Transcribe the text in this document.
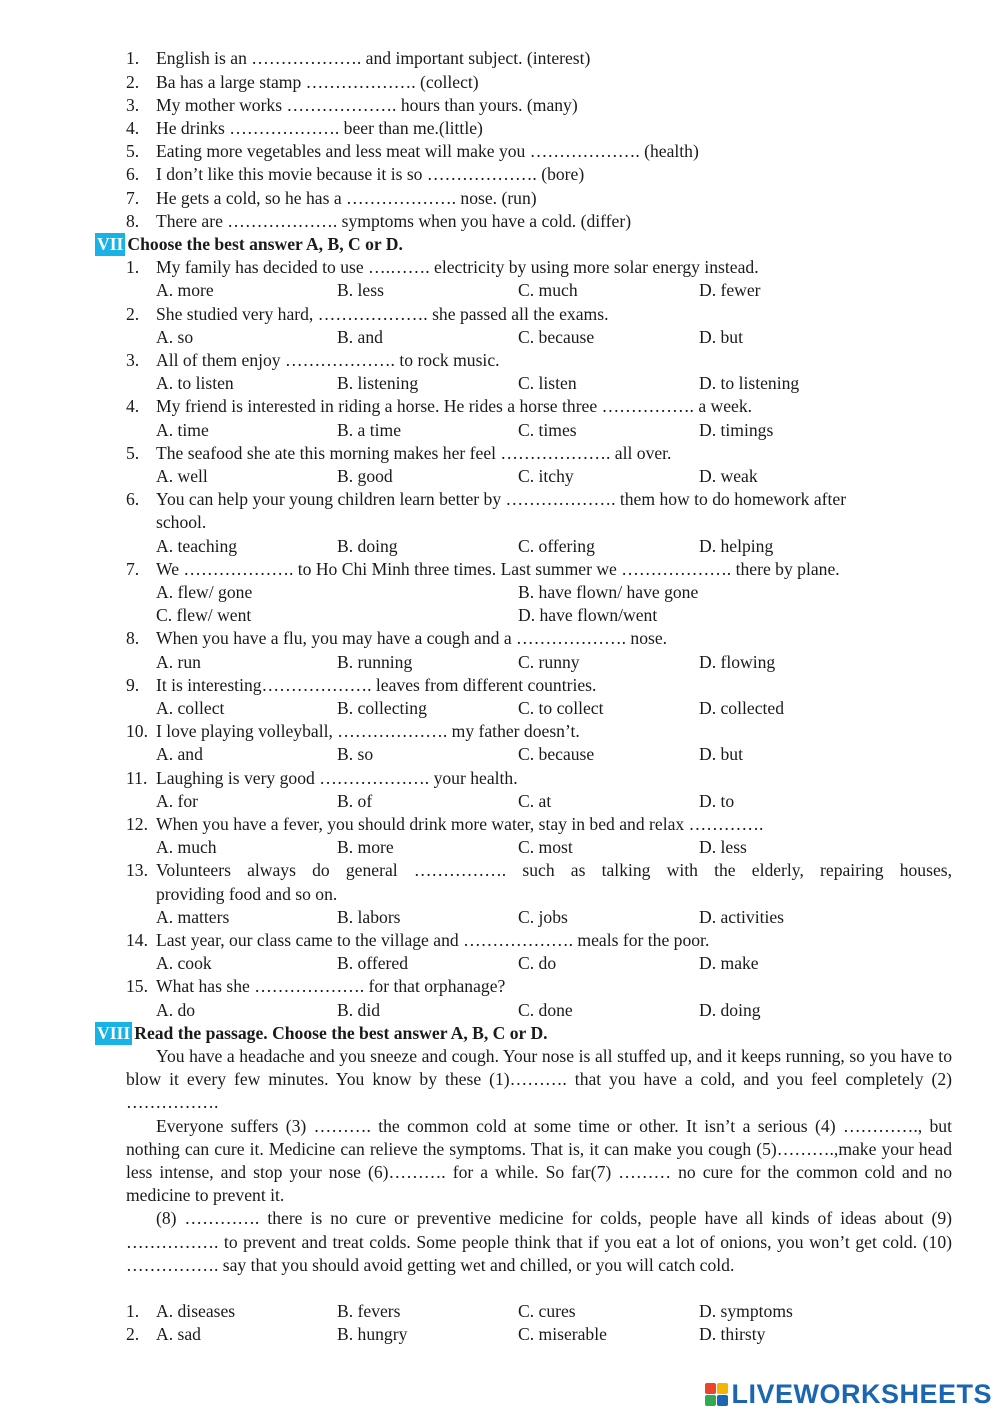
1. English is an ………………. and important subject. (interest)
2. Ba has a large stamp ………………. (collect)
3. My mother works ………………. hours than yours. (many)
4. He drinks ………………. beer than me.(little)
5. Eating more vegetables and less meat will make you ………………. (health)
6. I don’t like this movie because it is so ………………. (bore)
7. He gets a cold, so he has a ………………. nose. (run)
8. There are ………………. symptoms when you have a cold. (differ)
VII Choose the best answer A, B, C or D.
1. My family has decided to use ….……. electricity by using more solar energy instead.
A. more	B. less	C. much	D. fewer
2. She studied very hard, ………………. she passed all the exams.
A. so	B. and	C. because	D. but
3. All of them enjoy ………………. to rock music.
A. to listen	B. listening	C. listen	D. to listening
4. My friend is interested in riding a horse. He rides a horse three ……………. a week.
A. time	B. a time	C. times	D. timings
5. The seafood she ate this morning makes her feel ………………. all over.
A. well	B. good	C. itchy	D. weak
6. You can help your young children learn better by ………………. them how to do homework after
school.
A. teaching	B. doing	C. offering	D. helping
7. We ………………. to Ho Chi Minh three times. Last summer we ………………. there by plane.
A. flew/ gone	B. have flown/ have gone
C. flew/ went	D. have flown/went
8. When you have a flu, you may have a cough and a ………………. nose.
A. run	B. running	C. runny	D. flowing
9. It is interesting………………. leaves from different countries.
A. collect	B. collecting	C. to collect	D. collected
10. I love playing volleyball, ………………. my father doesn’t.
A. and	B. so	C. because	D. but
11. Laughing is very good ………………. your health.
A. for	B. of	C. at	D. to
12. When you have a fever, you should drink more water, stay in bed and relax ………….
A. much	B. more	C. most	D. less
13. Volunteers always do general ……………. such as talking with the elderly, repairing houses,
providing food and so on.
A. matters	B. labors	C. jobs	D. activities
14. Last year, our class came to the village and ………………. meals for the poor.
A. cook	B. offered	C. do	D. make
15. What has she ………………. for that orphanage?
A. do	B. did	C. done	D. doing
VIII Read the passage. Choose the best answer A, B, C or D.
You have a headache and you sneeze and cough. Your nose is all stuffed up, and it keeps running, so you have to blow it every few minutes. You know by these (1)………. that you have a cold, and you feel completely (2) …………….
Everyone suffers (3) ………. the common cold at some time or other. It isn’t a serious (4) …………., but nothing can cure it. Medicine can relieve the symptoms. That is, it can make you cough (5)……….,make your head less intense, and stop your nose (6)………. for a while. So far(7) ……… no cure for the common cold and no medicine to prevent it.
(8) …………. there is no cure or preventive medicine for colds, people have all kinds of ideas about (9) ……………. to prevent and treat colds. Some people think that if you eat a lot of onions, you won’t get cold. (10) ……………. say that you should avoid getting wet and chilled, or you will catch cold.
1. A. diseases	B. fevers	C. cures	D. symptoms
2. A. sad	B. hungry	C. miserable	D. thirsty
LIVEWORKSHEETS
